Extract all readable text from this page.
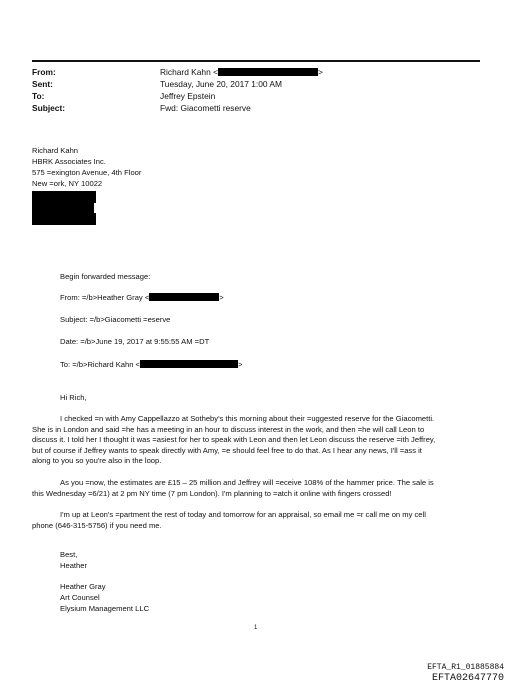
From:	Richard Kahn <	>
Sent:	Tuesday, June 20, 2017 1:00 AM
To:	Jeffrey Epstein
Subject:	Fwd: Giacometti reserve
Richard Kahn
HBRK Associates Inc.
575 =exington Avenue, 4th Floor
New =ork, NY 10022
Begin forwarded message:
From: =/b>Heather Gray <	>
Subject: =/b>Giacometti =eserve
Date: =/b>June 19, 2017 at 9:55:55 AM =DT
To: =/b>Richard Kahn <	>
Hi Rich,
I checked =n with Amy Cappellazzo at Sotheby's this morning about their =uggested reserve for the Giacometti.
She is in London and said =he has a meeting in an hour to discuss interest in the work, and then =he will call Leon to
discuss it. I told her I thought it was =asiest for her to speak with Leon and then let Leon discuss the reserve =ith Jeffrey,
but of course if Jeffrey wants to speak directly with Amy, =e should feel free to do that. As I hear any news, I'll =ass it
along to you so you're also in the loop.
As you =now, the estimates are £15 – 25 million and Jeffrey will =eceive 108% of the hammer price. The sale is
this Wednesday =6/21) at 2 pm NY time (7 pm London). I'm planning to =atch it online with fingers crossed!
I'm up at Leon's =partment the rest of today and tomorrow for an appraisal, so email me =r call me on my cell
phone (646-315-5756) if you need me.
Best,
Heather
Heather Gray
Art Counsel
Elysium Management LLC
1
EFTA_R1_01885884
EFTA02647770
